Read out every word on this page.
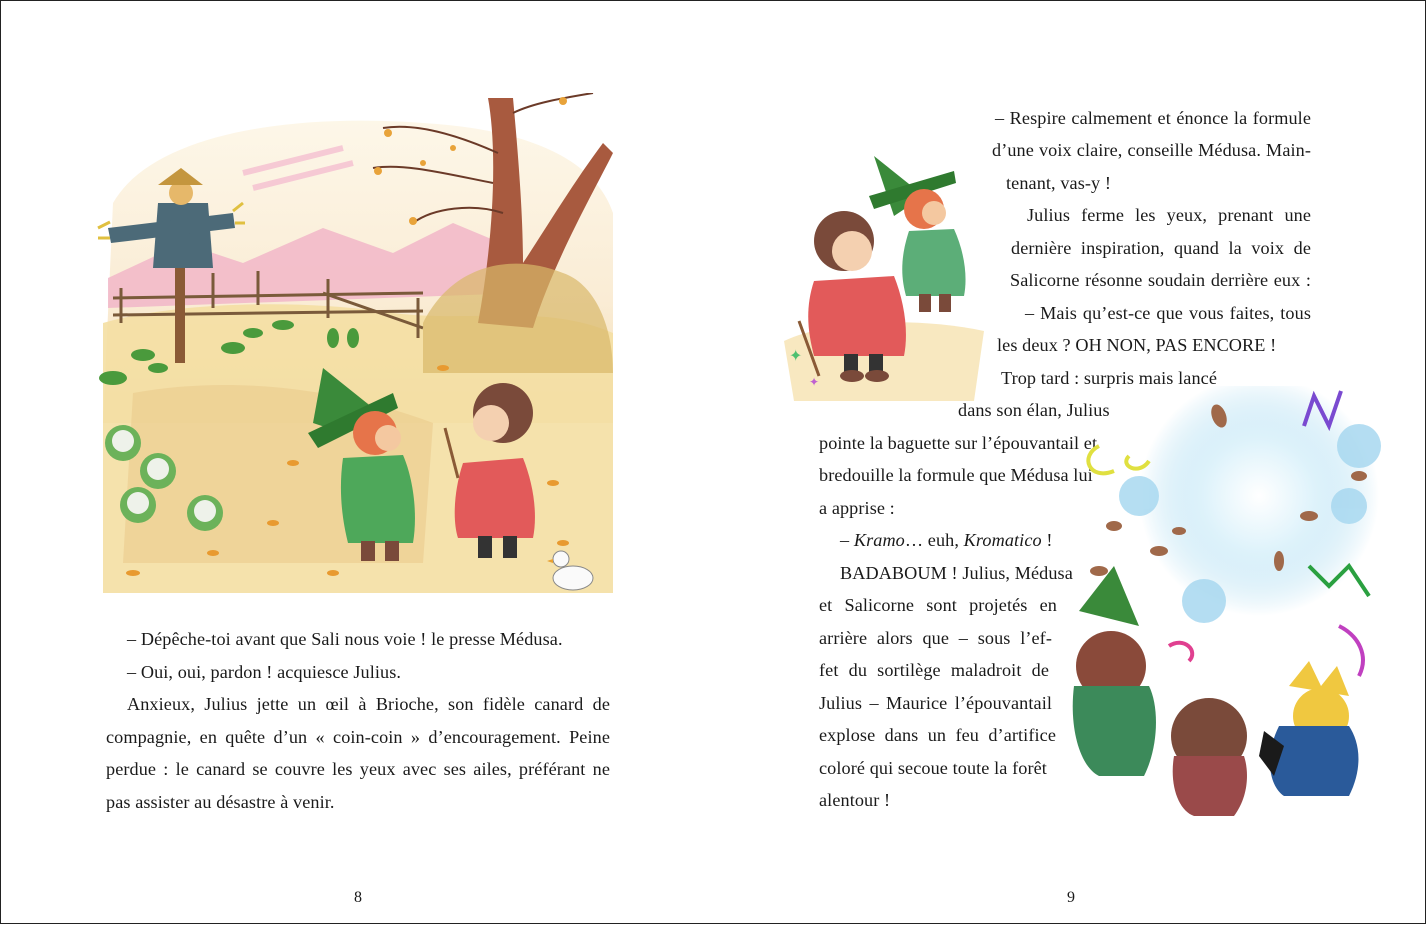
– Dépêche-toi avant que Sali nous voie ! le presse Médusa.
– Oui, oui, pardon ! acquiesce Julius.
Anxieux, Julius jette un œil à Brioche, son fidèle canard de
compagnie, en quête d’un « coin-coin » d’encouragement. Peine
perdue : le canard se couvre les yeux avec ses ailes, préférant ne
pas assister au désastre à venir.
8
✦
✦
– Respire calmement et énonce la formule
d’une voix claire, conseille Médusa. Main-
tenant, vas-y !
Julius ferme les yeux, prenant une
dernière inspiration, quand la voix de
Salicorne résonne soudain derrière eux :
– Mais qu’est-ce que vous faites, tous
les deux ? OH NON, PAS ENCORE !
Trop tard : surpris mais lancé
dans son élan, Julius
pointe la baguette sur l’épouvantail et
bredouille la formule que Médusa lui
a apprise :
– Kramo… euh, Kromatico !
BADABOUM ! Julius, Médusa
et Salicorne sont projetés en
arrière alors que – sous l’ef-
fet du sortilège maladroit de
Julius – Maurice l’épouvantail
explose dans un feu d’artifice
coloré qui secoue toute la forêt
alentour !
9
